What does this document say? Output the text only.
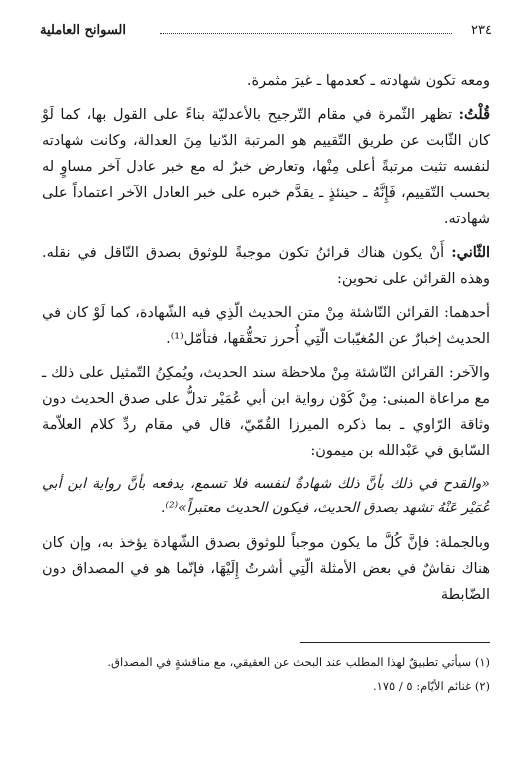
٢٣٤
السوانح العاملية

ومعه تكون شهادته ـ كعدمها ـ غيرَ مثمرة.

قُلْتُ: تظهر الثّمرة في مقام التّرجيح بالأعدليّة بناءً على القول بها، كما لَوْ كان الثّابت عن طريق التّقييم هو المرتبة الدّنيا مِنَ العدالة، وكانت شهادته لنفسه تثبت مرتبةً أعلى مِنْها، وتعارض خبرٌ له مع خبر عادل آخر مساوٍ له بحسب التّقييم، فَإِنَّهُ ـ حينئذٍ ـ يقدَّم خبره على خبر العادل الآخر اعتماداً على شهادته.

الثّاني: أَنْ يكون هناك قرائنُ تكون موجبةً للوثوق بصدق النّاقل في نقله. وهذه القرائن على نحوين:

أحدهما: القرائن النّاشئة مِنْ متن الحديث الّذِي فيه الشّهادة، كما لَوْ كان في الحديث إخبارٌ عن المُغيّبات الّتِي أُحرز تحقُّقها، فتأمّل⁽¹⁾.

والآخر: القرائن النّاشئة مِنْ ملاحظة سند الحديث، ويُمكِنُ التّمثيل على ذلك ـ مع مراعاة المبنى: مِنْ كَوْن رواية ابن أبي عُمَيْر تدلُّ على صدق الحديث دون وثاقة الرّاوي ـ بما ذكره الميرزا القُمّيّ، قال في مقام ردِّ كلام العلاّمة السّابق في عَبْدالله بن ميمون:

«والقدح في ذلك بأنَّ ذلك شهادةٌ لنفسه فلا تسمع، يدفعه بأنَّ رواية ابن أبي عُمَيْر عَنْهُ تشهد بصدق الحديث، فيكون الحديث معتبراً»⁽²⁾.

وبالجملة: فإنَّ كُلَّ ما يكون موجباً للوثوق بصدق الشّهادة يؤخذ به، وإن كان هناك نقاشٌ في بعض الأمثلة الّتِي أشرتُ إِلَيْهَا، فإنّما هو في المصداق دون الضّابطة

(١) سيأتي تطبيقٌ لهذا المطلب عند البحث عن العقيقي، مع مناقشةٍ في المصداق.
(٢) غنائم الأيّام: ٥ / ١٧٥.
